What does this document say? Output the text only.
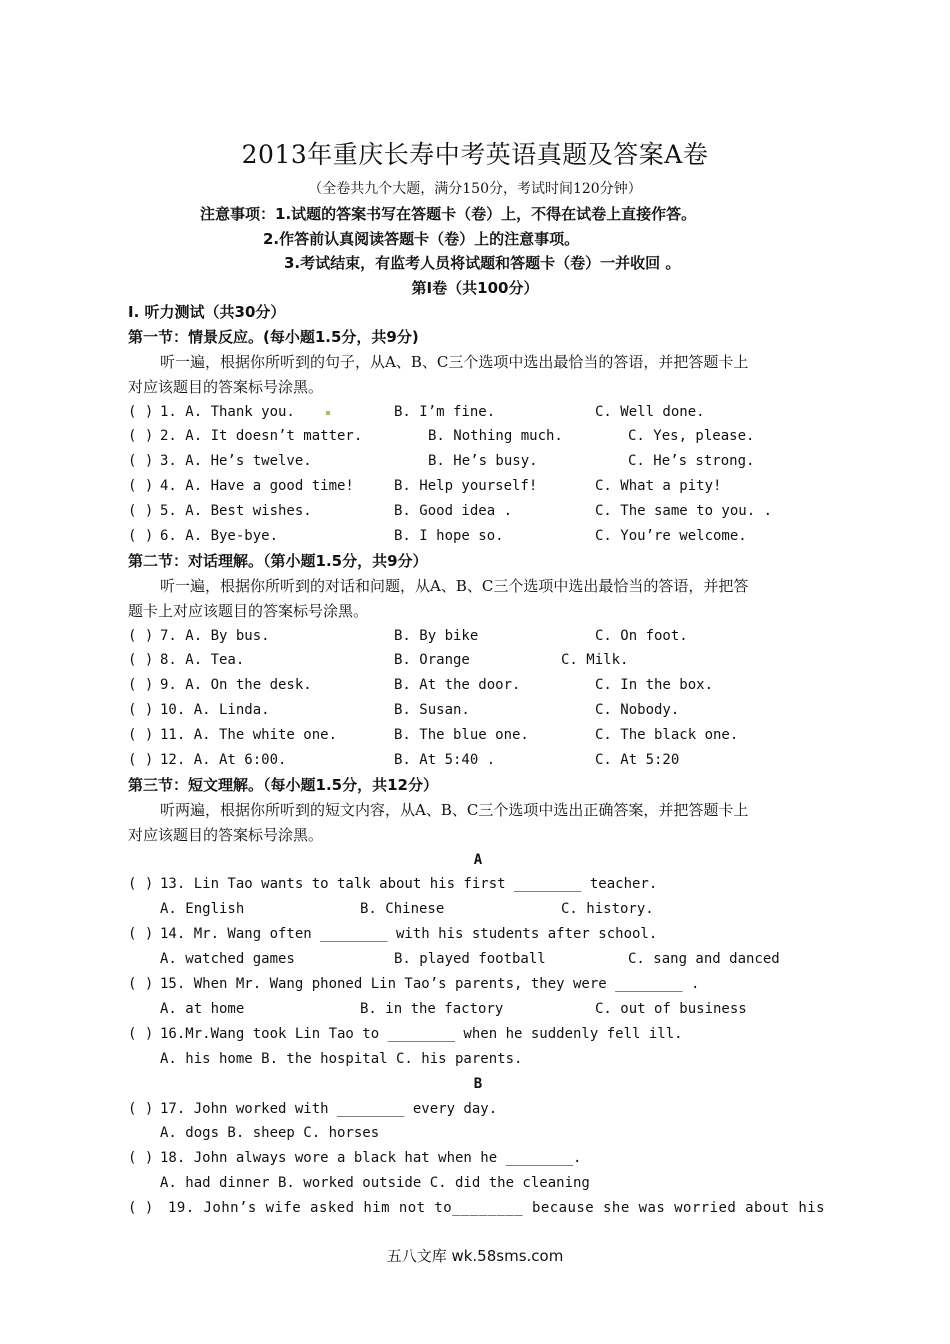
2013年重庆长寿中考英语真题及答案A卷
（全卷共九个大题，满分150分，考试时间120分钟）
注意事项：1.试题的答案书写在答题卡（卷）上，不得在试卷上直接作答。
2.作答前认真阅读答题卡（卷）上的注意事项。
3.考试结束，有监考人员将试题和答题卡（卷）一并收回 。
第Ⅰ卷（共100分）
I. 听力测试（共30分）
第一节：情景反应。(每小题1.5分，共9分)
听一遍，根据你所听到的句子，从A、B、C三个选项中选出最恰当的答语，并把答题卡上
对应该题目的答案标号涂黑。
( ) 1. A. Thank you.	B. I’m fine.	C. Well done.
( ) 2. A. It doesn’t matter.	B. Nothing much.	C. Yes, please.
( ) 3. A. He’s twelve.	B. He’s busy.	C. He’s strong.
( ) 4. A. Have a good time!	B. Help yourself!	C. What a pity!
( ) 5. A. Best wishes.	B. Good idea .	C. The same to you. .
( ) 6. A. Bye-bye.	B. I hope so.	C. You’re welcome.
第二节：对话理解。（第小题1.5分，共9分）
听一遍，根据你所听到的对话和问题，从A、B、C三个选项中选出最恰当的答语，并把答
题卡上对应该题目的答案标号涂黑。
( ) 7. A. By bus.	B. By bike	C. On foot.
( ) 8. A. Tea.	B. Orange	C. Milk.
( ) 9. A. On the desk.	B. At the door.	C. In the box.
( ) 10. A. Linda.	B. Susan.	C. Nobody.
( ) 11. A. The white one.	B. The blue one.	C. The black one.
( ) 12. A. At 6:00.	B. At 5:40 .	C. At 5:20
第三节：短文理解。（每小题1.5分，共12分）
听两遍，根据你所听到的短文内容，从A、B、C三个选项中选出正确答案，并把答题卡上
对应该题目的答案标号涂黑。
A
( ) 13. Lin Tao wants to talk about his first ________ teacher.
A. English	B. Chinese	C. history.
( ) 14. Mr. Wang often ________ with his students after school.
A. watched games	B. played football	C. sang and danced
( ) 15. When Mr. Wang phoned Lin Tao’s parents, they were ________ .
A. at home	B. in the factory	C. out of business
( ) 16.Mr.Wang took Lin Tao to ________ when he suddenly fell ill.
A. his home B. the hospital C. his parents.
B
( ) 17. John worked with ________ every day.
A. dogs B. sheep C. horses
( ) 18. John always wore a black hat when he ________.
A. had dinner B. worked outside C. did the cleaning
( ) 19. John’s wife asked him not to________ because she was worried about his
五八文库 wk.58sms.com
